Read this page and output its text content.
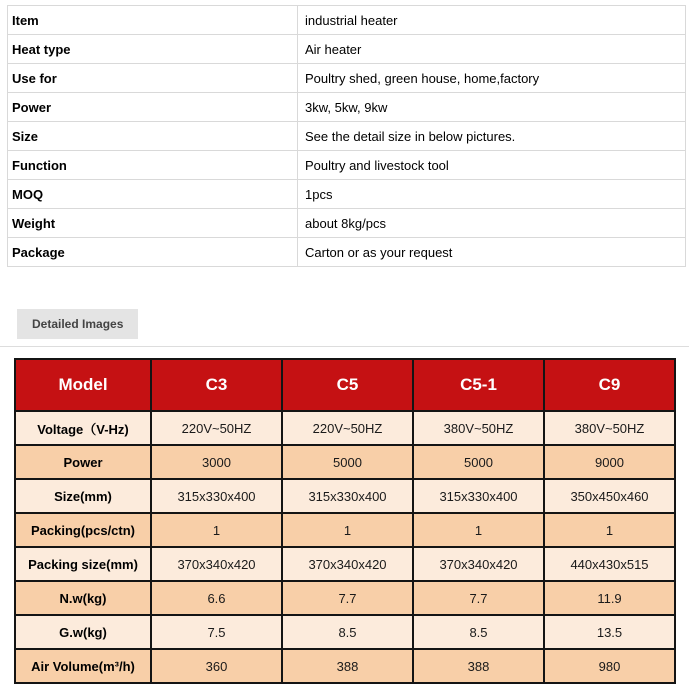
Item	industrial heater
Heat type	Air heater
Use for	Poultry shed, green house, home,factory
Power	3kw, 5kw, 9kw
Size	See the detail size in below pictures.
Function	Poultry and livestock tool
MOQ	1pcs
Weight	about 8kg/pcs
Package	Carton or as your request
Detailed Images
Model	C3	C5	C5-1	C9
Voltage（V-Hz)	220V~50HZ	220V~50HZ	380V~50HZ	380V~50HZ
Power	3000	5000	5000	9000
Size(mm)	315x330x400	315x330x400	315x330x400	350x450x460
Packing(pcs/ctn)	1	1	1	1
Packing size(mm)	370x340x420	370x340x420	370x340x420	440x430x515
N.w(kg)	6.6	7.7	7.7	11.9
G.w(kg)	7.5	8.5	8.5	13.5
Air Volume(m³/h)	360	388	388	980
